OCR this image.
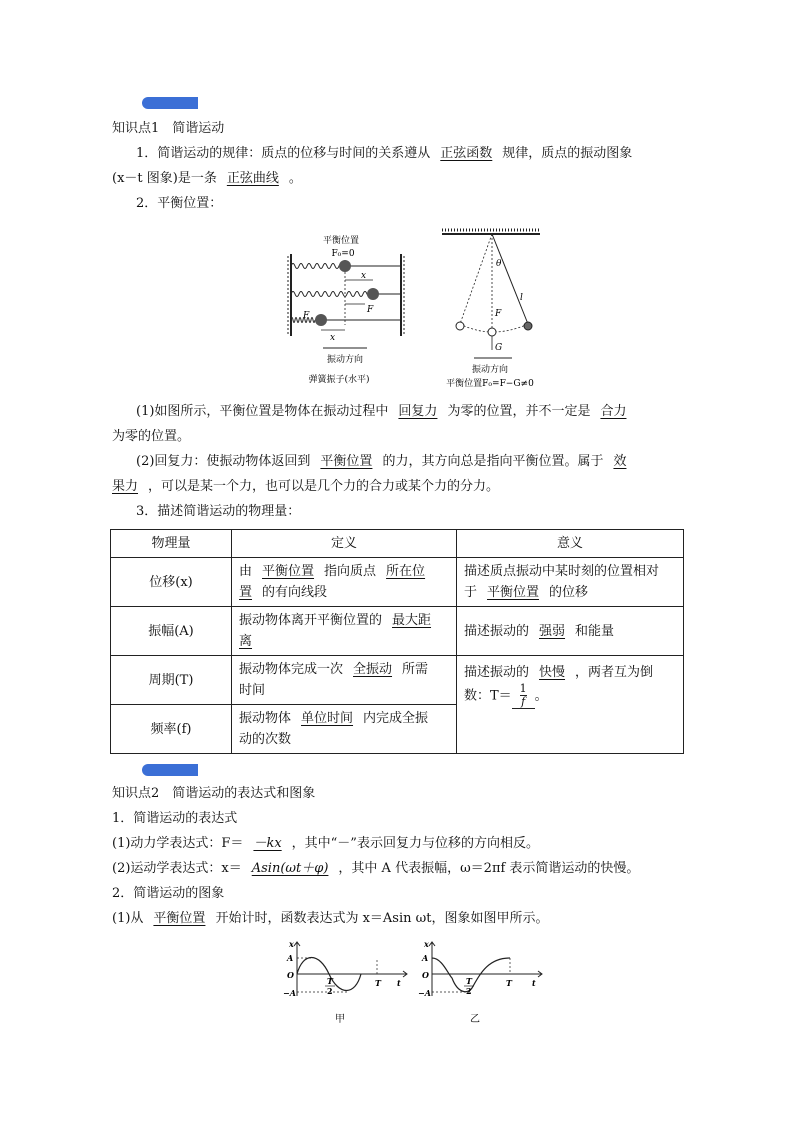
知识点1　简谐运动
1．简谐运动的规律：质点的位移与时间的关系遵从 正弦函数 规律，质点的振动图象
(x－t 图象)是一条 正弦曲线 。
2．平衡位置：
平衡位置
F₀=0
x
F
F
x
振动方向
弹簧振子(水平)
θ
l
F
G
振动方向
平衡位置F₀=F−G≠0
(1)如图所示，平衡位置是物体在振动过程中 回复力 为零的位置，并不一定是 合力
为零的位置。
(2)回复力：使振动物体返回到 平衡位置 的力，其方向总是指向平衡位置。属于 效
果力 ，可以是某一个力，也可以是几个力的合力或某个力的分力。
3．描述简谐运动的物理量：
物理量	定义	意义
位移(x)	由 平衡位置 指向质点 所在位
置 的有向线段	描述质点振动中某时刻的位置相对
于 平衡位置 的位移
振幅(A)	振动物体离开平衡位置的 最大距
离	描述振动的 强弱 和能量
周期(T)	振动物体完成一次 全振动 所需
时间	描述振动的 快慢 ，两者互为倒
数：$T= \frac{1}{f}$ 。
频率(f)	振动物体 单位时间 内完成全振
动的次数	
知识点2　简谐运动的表达式和图象
1．简谐运动的表达式
(1)动力学表达式：F＝ －kx ，其中“－”表示回复力与位移的方向相反。
(2)运动学表达式：x＝ Asin(ωt＋φ) ，其中 A 代表振幅，ω＝2πf 表示简谐运动的快慢。
2．简谐运动的图象
(1)从 平衡位置 开始计时，函数表达式为 x＝Asin ωt，图象如图甲所示。
x
A
O
−A
T
2
T t
甲
x
A
O
−A
T
2
T	t
乙
